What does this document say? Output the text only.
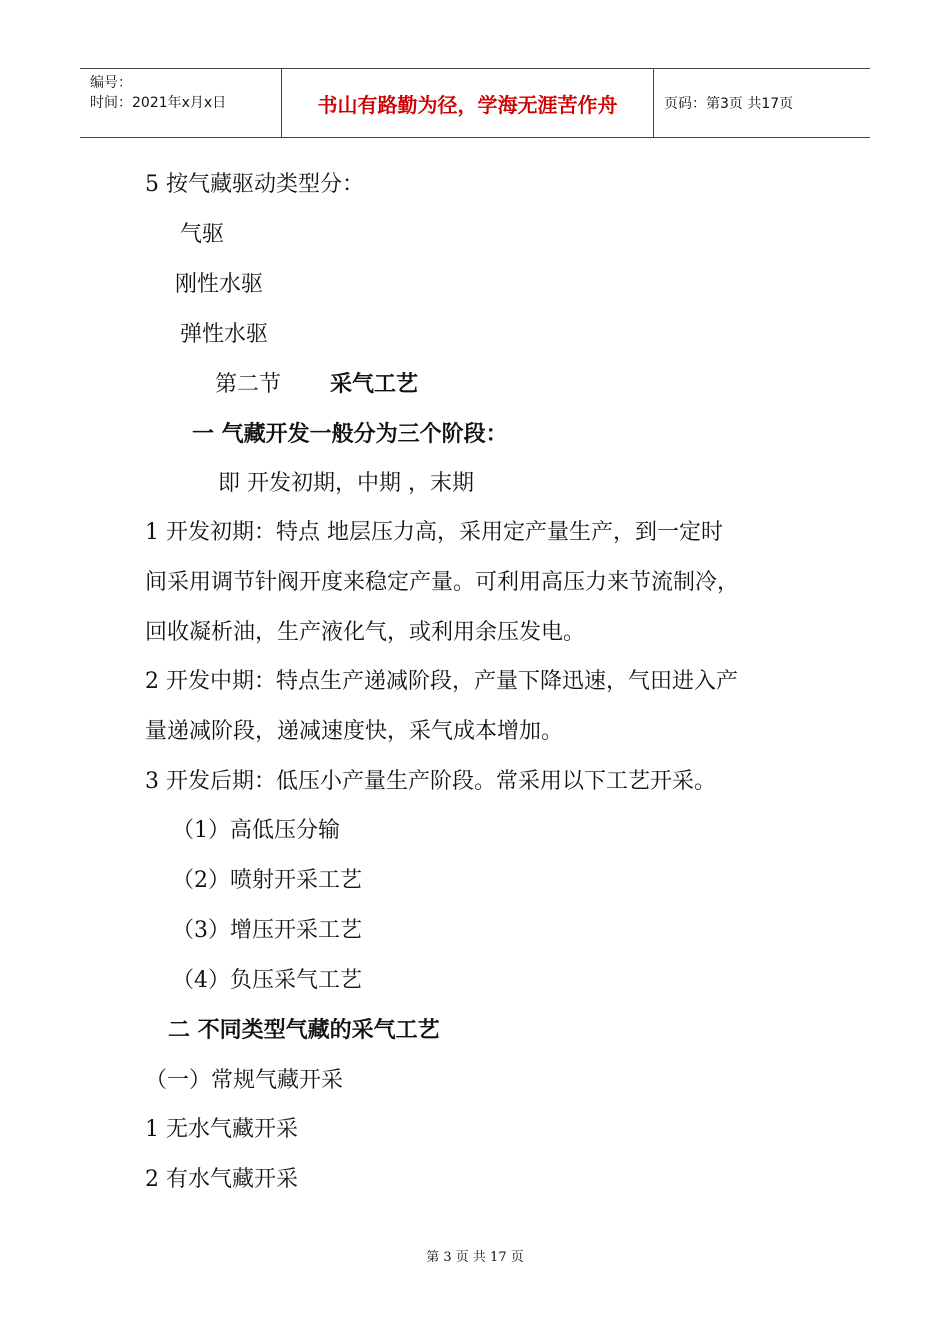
编号：
时间：2021年x月x日	书山有路勤为径，学海无涯苦作舟	页码：第3页 共17页
5 按气藏驱动类型分：
气驱
刚性水驱
弹性水驱
第二节 采气工艺
一 气藏开发一般分为三个阶段：
即 开发初期，中期 ，末期
1 开发初期：特点 地层压力高，采用定产量生产，到一定时
间采用调节针阀开度来稳定产量。可利用高压力来节流制冷，
回收凝析油，生产液化气，或利用余压发电。
2 开发中期：特点生产递减阶段，产量下降迅速，气田进入产
量递减阶段，递减速度快，采气成本增加。
3 开发后期：低压小产量生产阶段。常采用以下工艺开采。
（1）高低压分输
（2）喷射开采工艺
（3）增压开采工艺
（4）负压采气工艺
二 不同类型气藏的采气工艺
（一）常规气藏开采
1 无水气藏开采
2 有水气藏开采
第 3 页 共 17 页
